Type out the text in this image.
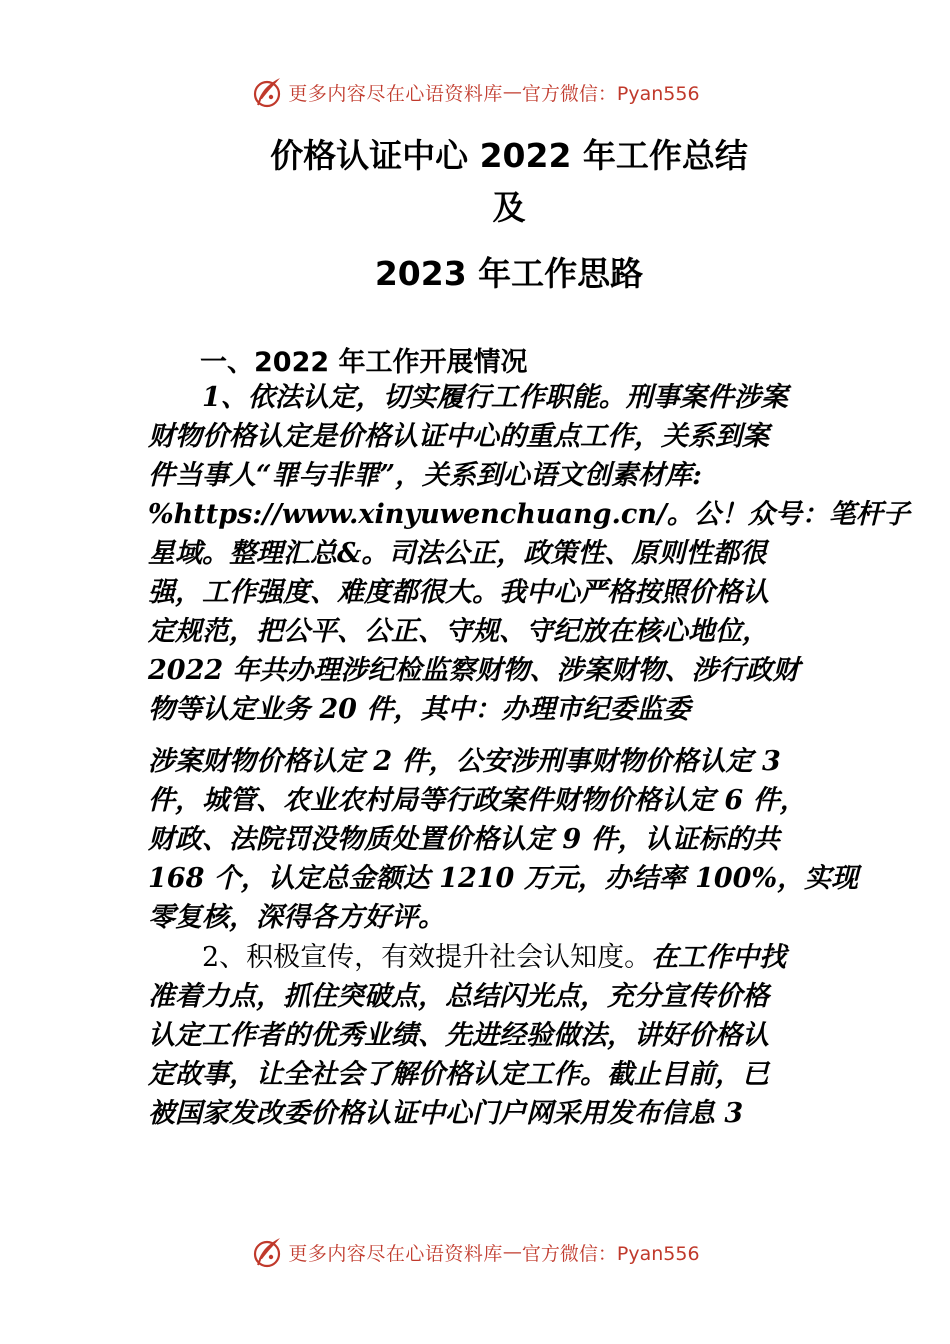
更多内容尽在心语资料库 — 官方微信：Pyan556
价格认证中心 2022 年工作总结
及
2023 年工作思路
一、2022 年工作开展情况

1、依法认定，切实履行工作职能。刑事案件涉案

财物价格认定是价格认证中心的重点工作，关系到案

件当事人“罪与非罪”，关系到心语文创素材库:

%https://www.xinyuwenchuang.cn/。公！众号：笔杆子

星域。整理汇总&。司法公正，政策性、原则性都很

强，工作强度、难度都很大。我中心严格按照价格认

定规范，把公平、公正、守规、守纪放在核心地位，

2022 年共办理涉纪检监察财物、涉案财物、涉行政财

物等认定业务 20 件，其中：办理市纪委监委

涉案财物价格认定 2 件，公安涉刑事财物价格认定 3

件，城管、农业农村局等行政案件财物价格认定 6 件，

财政、法院罚没物质处置价格认定 9 件，认证标的共

168 个，认定总金额达 1210 万元，办结率 100%，实现

零复核，深得各方好评。

2、积极宣传，有效提升社会认知度。在工作中找

准着力点，抓住突破点，总结闪光点，充分宣传价格

认定工作者的优秀业绩、先进经验做法，讲好价格认

定故事，让全社会了解价格认定工作。截止目前，已

被国家发改委价格认证中心门户网采用发布信息 3

更多内容尽在心语资料库 — 官方微信：Pyan556
